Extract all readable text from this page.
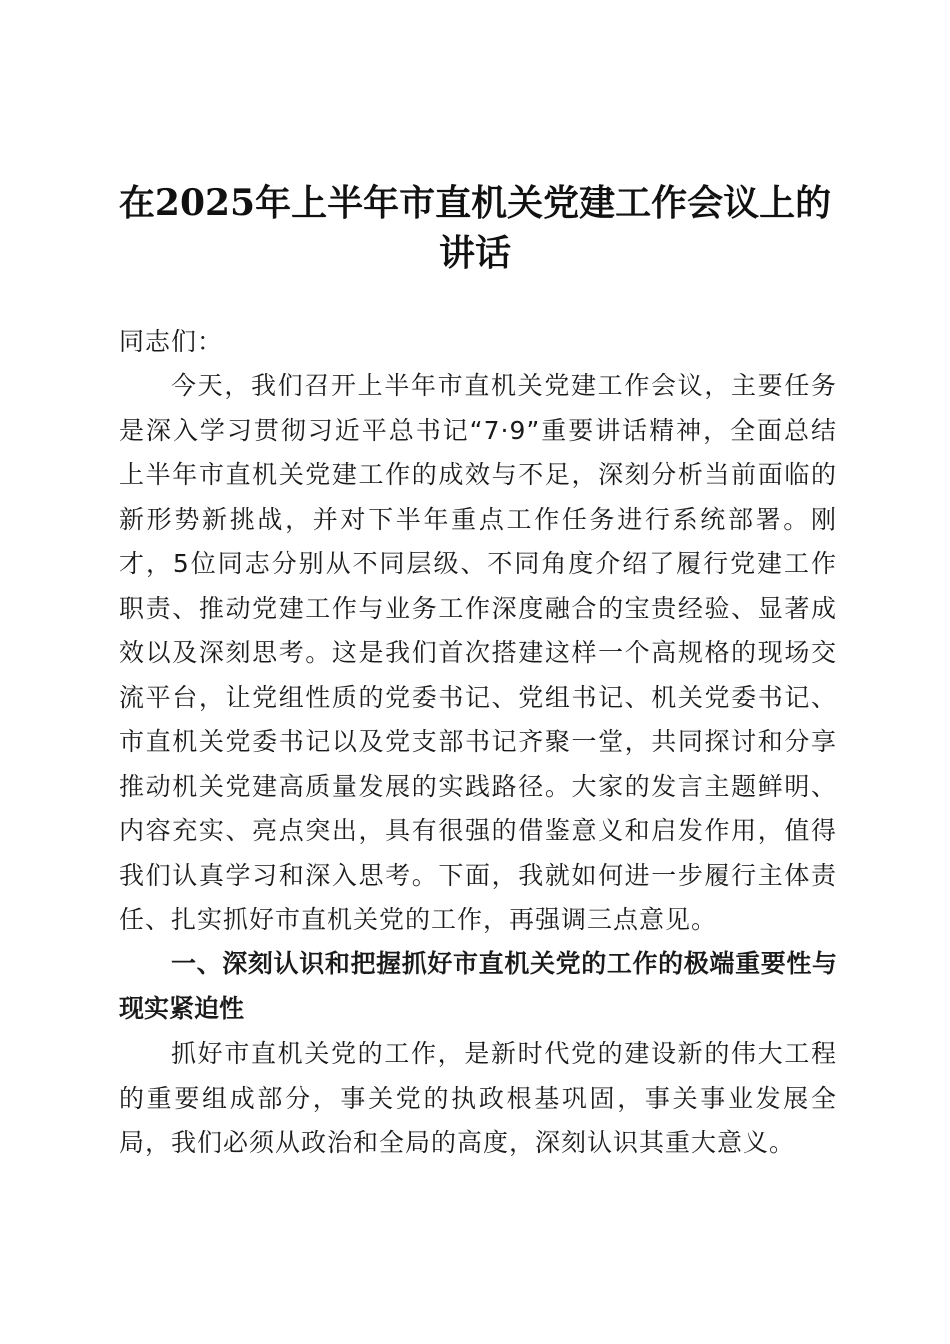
在2025年上半年市直机关党建工作会议上的讲话
同志们：
今天，我们召开上半年市直机关党建工作会议，主要任务是深入学习贯彻习近平总书记“7·9”重要讲话精神，全面总结上半年市直机关党建工作的成效与不足，深刻分析当前面临的新形势新挑战，并对下半年重点工作任务进行系统部署。刚才，5位同志分别从不同层级、不同角度介绍了履行党建工作职责、推动党建工作与业务工作深度融合的宝贵经验、显著成效以及深刻思考。这是我们首次搭建这样一个高规格的现场交流平台，让党组性质的党委书记、党组书记、机关党委书记、市直机关党委书记以及党支部书记齐聚一堂，共同探讨和分享推动机关党建高质量发展的实践路径。大家的发言主题鲜明、内容充实、亮点突出，具有很强的借鉴意义和启发作用，值得我们认真学习和深入思考。下面，我就如何进一步履行主体责任、扎实抓好市直机关党的工作，再强调三点意见。
一、深刻认识和把握抓好市直机关党的工作的极端重要性与现实紧迫性
抓好市直机关党的工作，是新时代党的建设新的伟大工程的重要组成部分，事关党的执政根基巩固，事关事业发展全局，我们必须从政治和全局的高度，深刻认识其重大意义。
